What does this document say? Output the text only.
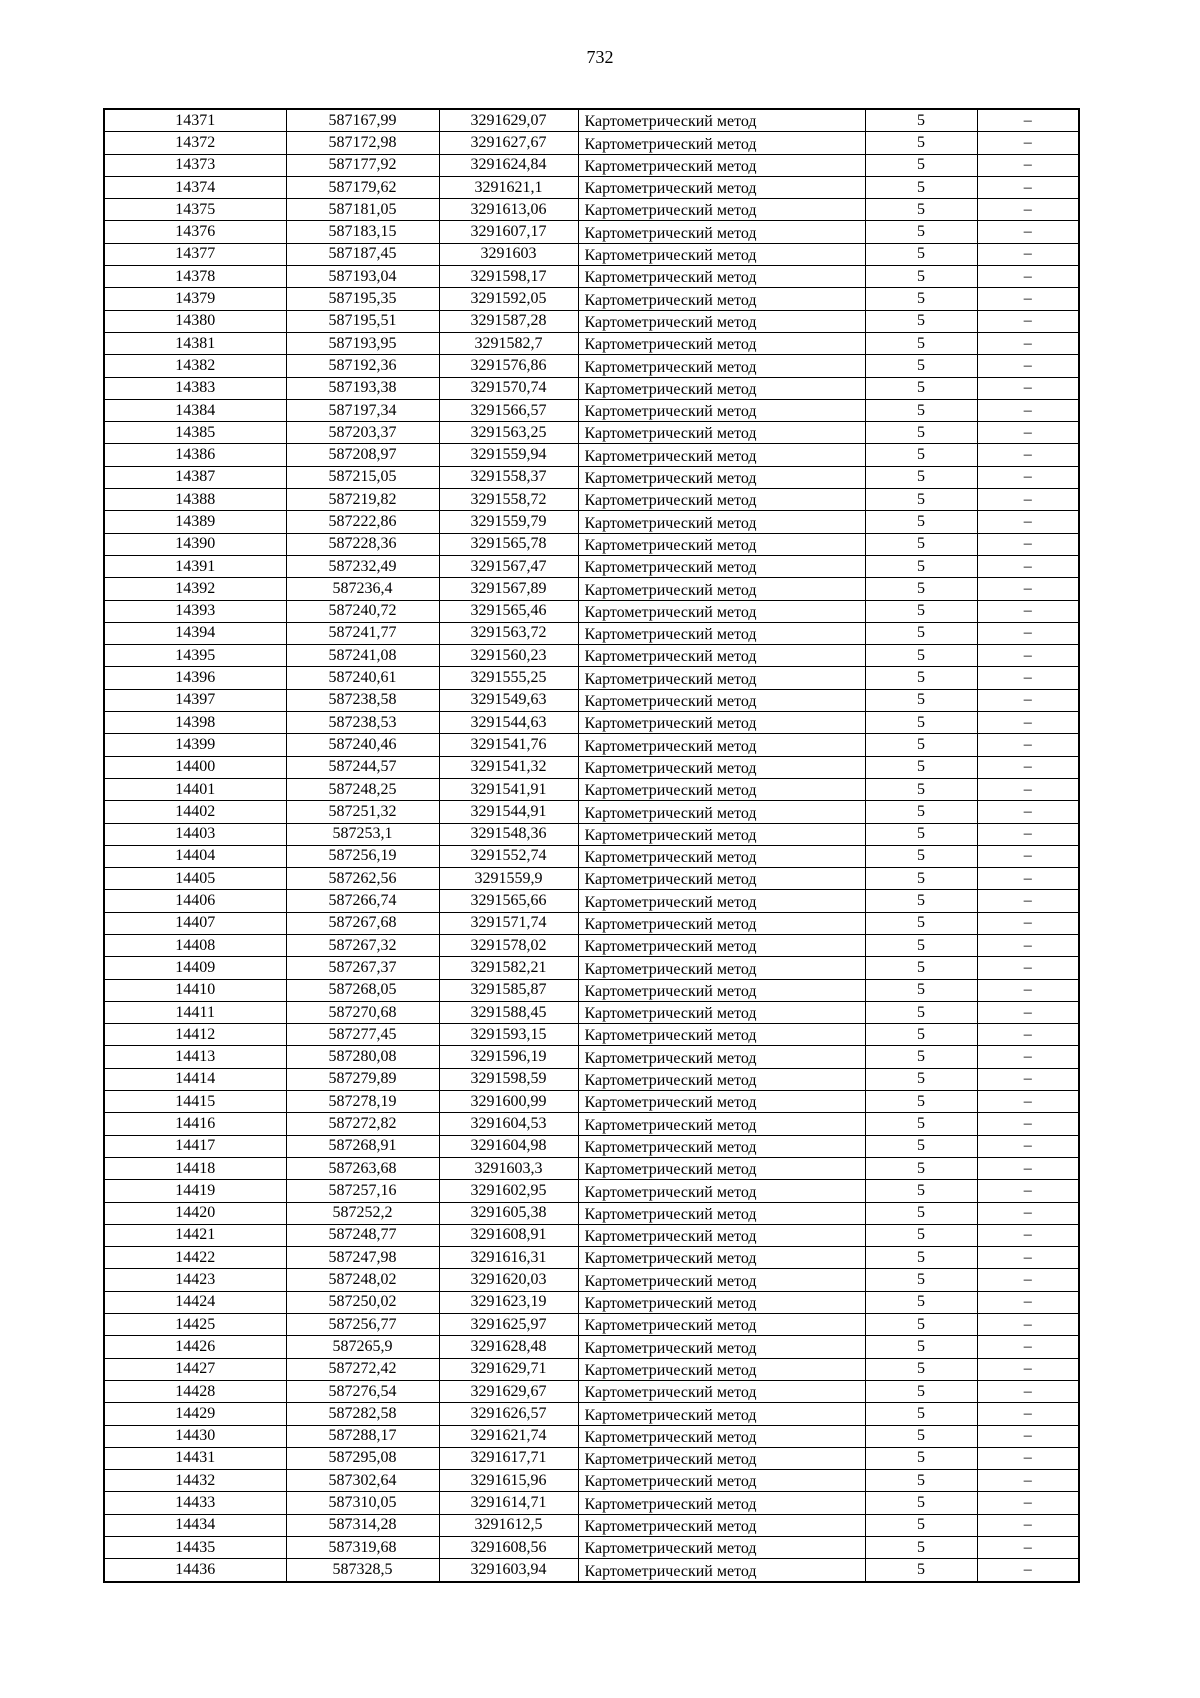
732
14371	587167,99	3291629,07	Картометрический метод	5	–
14372	587172,98	3291627,67	Картометрический метод	5	–
14373	587177,92	3291624,84	Картометрический метод	5	–
14374	587179,62	3291621,1	Картометрический метод	5	–
14375	587181,05	3291613,06	Картометрический метод	5	–
14376	587183,15	3291607,17	Картометрический метод	5	–
14377	587187,45	3291603	Картометрический метод	5	–
14378	587193,04	3291598,17	Картометрический метод	5	–
14379	587195,35	3291592,05	Картометрический метод	5	–
14380	587195,51	3291587,28	Картометрический метод	5	–
14381	587193,95	3291582,7	Картометрический метод	5	–
14382	587192,36	3291576,86	Картометрический метод	5	–
14383	587193,38	3291570,74	Картометрический метод	5	–
14384	587197,34	3291566,57	Картометрический метод	5	–
14385	587203,37	3291563,25	Картометрический метод	5	–
14386	587208,97	3291559,94	Картометрический метод	5	–
14387	587215,05	3291558,37	Картометрический метод	5	–
14388	587219,82	3291558,72	Картометрический метод	5	–
14389	587222,86	3291559,79	Картометрический метод	5	–
14390	587228,36	3291565,78	Картометрический метод	5	–
14391	587232,49	3291567,47	Картометрический метод	5	–
14392	587236,4	3291567,89	Картометрический метод	5	–
14393	587240,72	3291565,46	Картометрический метод	5	–
14394	587241,77	3291563,72	Картометрический метод	5	–
14395	587241,08	3291560,23	Картометрический метод	5	–
14396	587240,61	3291555,25	Картометрический метод	5	–
14397	587238,58	3291549,63	Картометрический метод	5	–
14398	587238,53	3291544,63	Картометрический метод	5	–
14399	587240,46	3291541,76	Картометрический метод	5	–
14400	587244,57	3291541,32	Картометрический метод	5	–
14401	587248,25	3291541,91	Картометрический метод	5	–
14402	587251,32	3291544,91	Картометрический метод	5	–
14403	587253,1	3291548,36	Картометрический метод	5	–
14404	587256,19	3291552,74	Картометрический метод	5	–
14405	587262,56	3291559,9	Картометрический метод	5	–
14406	587266,74	3291565,66	Картометрический метод	5	–
14407	587267,68	3291571,74	Картометрический метод	5	–
14408	587267,32	3291578,02	Картометрический метод	5	–
14409	587267,37	3291582,21	Картометрический метод	5	–
14410	587268,05	3291585,87	Картометрический метод	5	–
14411	587270,68	3291588,45	Картометрический метод	5	–
14412	587277,45	3291593,15	Картометрический метод	5	–
14413	587280,08	3291596,19	Картометрический метод	5	–
14414	587279,89	3291598,59	Картометрический метод	5	–
14415	587278,19	3291600,99	Картометрический метод	5	–
14416	587272,82	3291604,53	Картометрический метод	5	–
14417	587268,91	3291604,98	Картометрический метод	5	–
14418	587263,68	3291603,3	Картометрический метод	5	–
14419	587257,16	3291602,95	Картометрический метод	5	–
14420	587252,2	3291605,38	Картометрический метод	5	–
14421	587248,77	3291608,91	Картометрический метод	5	–
14422	587247,98	3291616,31	Картометрический метод	5	–
14423	587248,02	3291620,03	Картометрический метод	5	–
14424	587250,02	3291623,19	Картометрический метод	5	–
14425	587256,77	3291625,97	Картометрический метод	5	–
14426	587265,9	3291628,48	Картометрический метод	5	–
14427	587272,42	3291629,71	Картометрический метод	5	–
14428	587276,54	3291629,67	Картометрический метод	5	–
14429	587282,58	3291626,57	Картометрический метод	5	–
14430	587288,17	3291621,74	Картометрический метод	5	–
14431	587295,08	3291617,71	Картометрический метод	5	–
14432	587302,64	3291615,96	Картометрический метод	5	–
14433	587310,05	3291614,71	Картометрический метод	5	–
14434	587314,28	3291612,5	Картометрический метод	5	–
14435	587319,68	3291608,56	Картометрический метод	5	–
14436	587328,5	3291603,94	Картометрический метод	5	–
